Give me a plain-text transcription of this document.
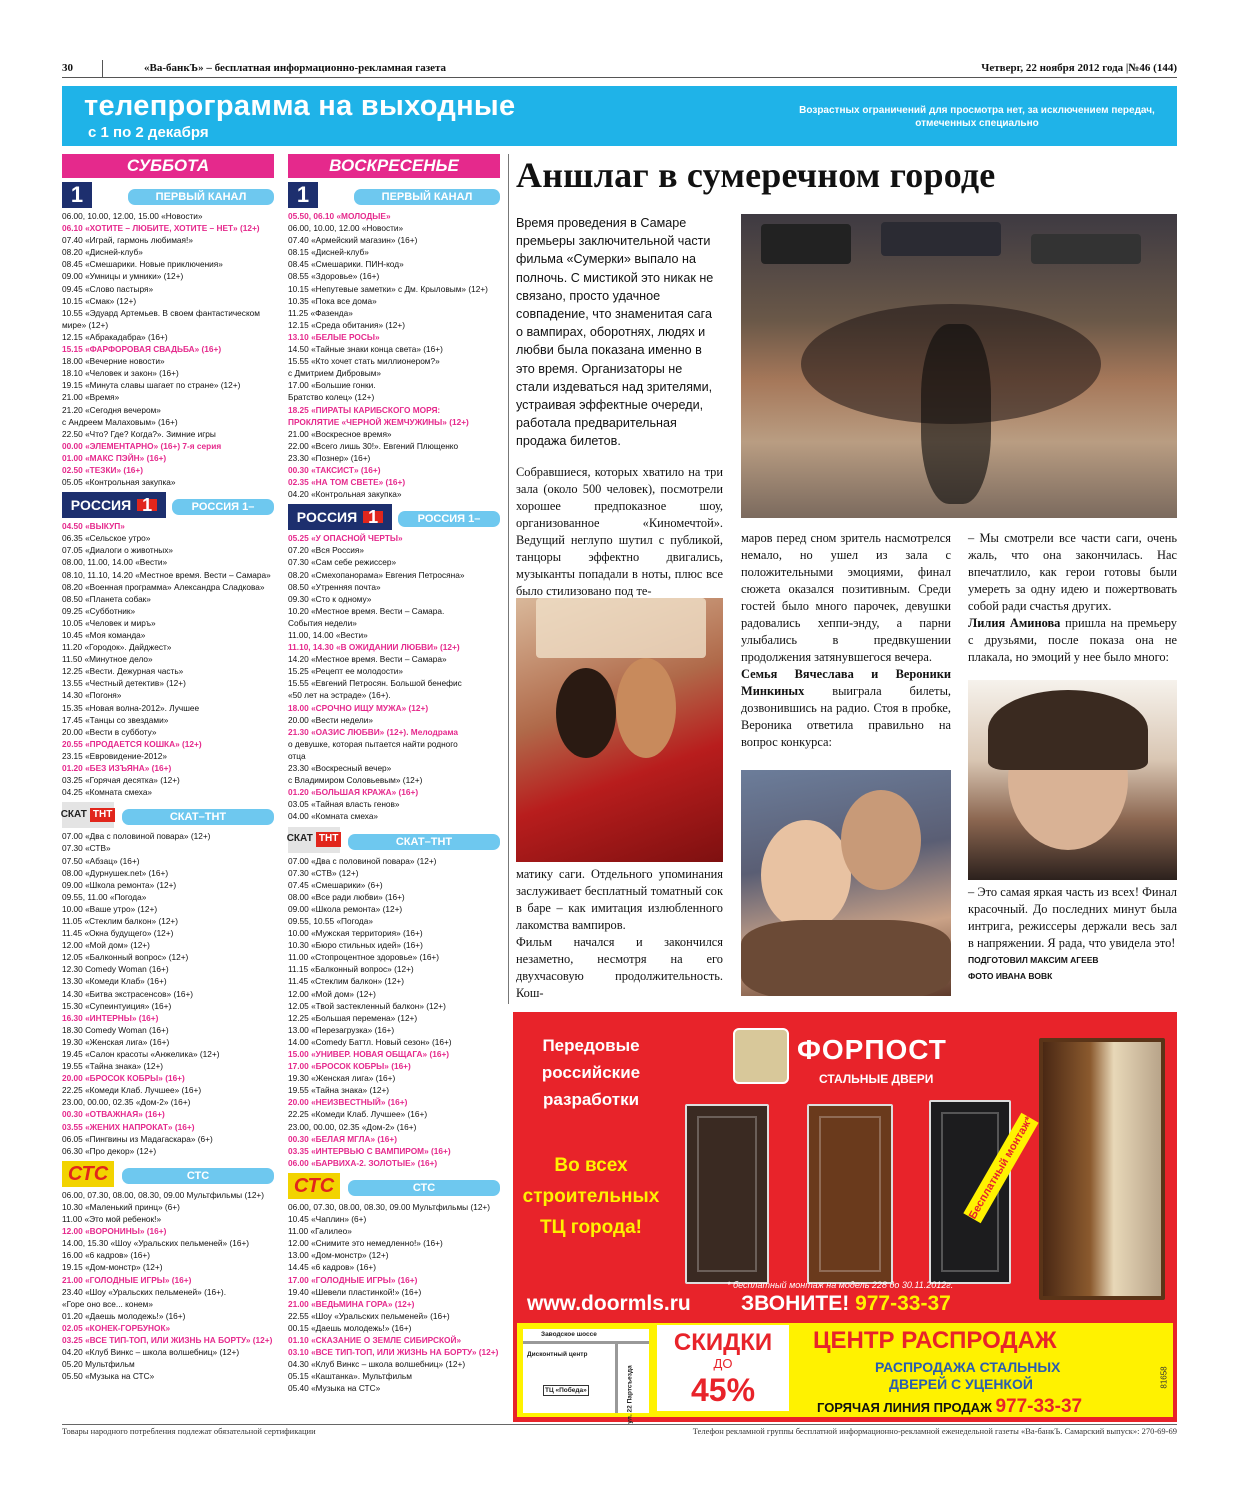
30	«Ва-банкЪ» – бесплатная информационно-рекламная газета	Четверг, 22 ноября 2012 года |№46 (144)
телепрограмма на выходные
с 1 по 2 декабря
Возрастных ограничений для просмотра нет, за исключением передач, отмеченных специально
СУББОТА
1	ПЕРВЫЙ КАНАЛ
06.00, 10.00, 12.00, 15.00 «Новости»
06.10 «ХОТИТЕ – ЛЮБИТЕ, ХОТИТЕ – НЕТ» (12+)
07.40 «Играй, гармонь любимая!»
08.20 «Дисней-клуб»
08.45 «Смешарики. Новые приключения»
09.00 «Умницы и умники» (12+)
09.45 «Слово пастыря»
10.15 «Смак» (12+)
10.55 «Эдуард Артемьев. В своем фантастическом
мире» (12+)
12.15 «Абракадабра» (16+)
15.15 «ФАРФОРОВАЯ СВАДЬБА» (16+)
18.00 «Вечерние новости»
18.10 «Человек и закон» (16+)
19.15 «Минута славы шагает по стране» (12+)
21.00 «Время»
21.20 «Сегодня вечером»
с Андреем Малаховым» (16+)
22.50 «Что? Где? Когда?». Зимние игры
00.00 «ЭЛЕМЕНТАРНО» (16+) 7-я серия
01.00 «МАКС ПЭЙН» (16+)
02.50 «ТЕЗКИ» (16+)
05.05 «Контрольная закупка»
РОССИЯ 1	РОССИЯ 1–САМАРА
04.50 «ВЫКУП»
06.35 «Сельское утро»
07.05 «Диалоги о животных»
08.00, 11.00, 14.00 «Вести»
08.10, 11.10, 14.20 «Местное время. Вести – Самара»
08.20 «Военная программа» Александра Сладкова»
08.50 «Планета собак»
09.25 «Субботник»
10.05 «Человек и миръ»
10.45 «Моя команда»
11.20 «Городок». Дайджест»
11.50 «Минутное дело»
12.25 «Вести. Дежурная часть»
13.55 «Честный детектив» (12+)
14.30 «Погоня»
15.35 «Новая волна-2012». Лучшее
17.45 «Танцы со звездами»
20.00 «Вести в субботу»
20.55 «ПРОДАЕТСЯ КОШКА» (12+)
23.15 «Евровидение-2012»
01.20 «БЕЗ ИЗЪЯНА» (16+)
03.25 «Горячая десятка» (12+)
04.25 «Комната смеха»
СКАТ ТНТ	СКАТ–ТНТ
07.00 «Два с половиной повара» (12+)
07.30 «СТВ»
07.50 «Абзац» (16+)
08.00 «Дурнушек.net» (16+)
09.00 «Школа ремонта» (12+)
09.55, 11.00 «Погода»
10.00 «Ваше утро» (12+)
11.05 «Стеклим балкон» (12+)
11.45 «Окна будущего» (12+)
12.00 «Мой дом» (12+)
12.05 «Балконный вопрос» (12+)
12.30 Comedy Woman (16+)
13.30 «Комеди Клаб» (16+)
14.30 «Битва экстрасенсов» (16+)
15.30 «Супеинтуиция» (16+)
16.30 «ИНТЕРНЫ» (16+)
18.30 Comedy Woman (16+)
19.30 «Женская лига» (16+)
19.45 «Салон красоты «Анжелика» (12+)
19.55 «Тайна знака» (12+)
20.00 «БРОСОК КОБРЫ» (16+)
22.25 «Комеди Клаб. Лучшее» (16+)
23.00, 00.00, 02.35 «Дом-2» (16+)
00.30 «ОТВАЖНАЯ» (16+)
03.55 «ЖЕНИХ НАПРОКАТ» (16+)
06.05 «Пингвины из Мадагаскара» (6+)
06.30 «Про декор» (12+)
СТС	СТС
06.00, 07.30, 08.00, 08.30, 09.00 Мультфильмы (12+)
10.30 «Маленький принц» (6+)
11.00 «Это мой ребенок!»
12.00 «ВОРОНИНЫ» (16+)
14.00, 15.30 «Шоу «Уральских пельменей» (16+)
16.00 «6 кадров» (16+)
19.15 «Дом-монстр» (12+)
21.00 «ГОЛОДНЫЕ ИГРЫ» (16+)
23.40 «Шоу «Уральских пельменей» (16+).
«Горе оно все... конем»
01.20 «Даешь молодежь!» (16+)
02.05 «КОНЕК-ГОРБУНОК»
03.25 «ВСЕ ТИП-ТОП, ИЛИ ЖИЗНЬ НА БОРТУ» (12+)
04.20 «Клуб Винкс – школа волшебниц» (12+)
05.20 Мультфильм
05.50 «Музыка на СТС»
ВОСКРЕСЕНЬЕ
1	ПЕРВЫЙ КАНАЛ
05.50, 06.10 «МОЛОДЫЕ»
06.00, 10.00, 12.00 «Новости»
07.40 «Армейский магазин» (16+)
08.15 «Дисней-клуб»
08.45 «Смешарики. ПИН-код»
08.55 «Здоровье» (16+)
10.15 «Непутевые заметки» с Дм. Крыловым» (12+)
10.35 «Пока все дома»
11.25 «Фазенда»
12.15 «Среда обитания» (12+)
13.10 «БЕЛЫЕ РОСЫ»
14.50 «Тайные знаки конца света» (16+)
15.55 «Кто хочет стать миллионером?»
с Дмитрием Дибровым»
17.00 «Большие гонки.
Братство колец» (12+)
18.25 «ПИРАТЫ КАРИБСКОГО МОРЯ:
ПРОКЛЯТИЕ «ЧЕРНОЙ ЖЕМЧУЖИНЫ» (12+)
21.00 «Воскресное время»
22.00 «Всего лишь 30!». Евгений Плющенко
23.30 «Познер» (16+)
00.30 «ТАКСИСТ» (16+)
02.35 «НА ТОМ СВЕТЕ» (16+)
04.20 «Контрольная закупка»
РОССИЯ 1	РОССИЯ 1–САМАРА
05.25 «У ОПАСНОЙ ЧЕРТЫ»
07.20 «Вся Россия»
07.30 «Сам себе режиссер»
08.20 «Смехопанорама» Евгения Петросяна»
08.50 «Утренняя почта»
09.30 «Сто к одному»
10.20 «Местное время. Вести – Самара.
События недели»
11.00, 14.00 «Вести»
11.10, 14.30 «В ОЖИДАНИИ ЛЮБВИ» (12+)
14.20 «Местное время. Вести – Самара»
15.25 «Рецепт ее молодости»
15.55 «Евгений Петросян. Большой бенефис
«50 лет на эстраде» (16+).
18.00 «СРОЧНО ИЩУ МУЖА» (12+)
20.00 «Вести недели»
21.30 «ОАЗИС ЛЮБВИ» (12+). Мелодрама
о девушке, которая пытается найти родного
отца
23.30 «Воскресный вечер»
с Владимиром Соловьевым» (12+)
01.20 «БОЛЬШАЯ КРАЖА» (16+)
03.05 «Тайная власть генов»
04.00 «Комната смеха»
СКАТ ТНТ	СКАТ–ТНТ
07.00 «Два с половиной повара» (12+)
07.30 «СТВ» (12+)
07.45 «Смешарики» (6+)
08.00 «Все ради любви» (16+)
09.00 «Школа ремонта» (12+)
09.55, 10.55 «Погода»
10.00 «Мужская территория» (16+)
10.30 «Бюро стильных идей» (16+)
11.00 «Стопроцентное здоровье» (16+)
11.15 «Балконный вопрос» (12+)
11.45 «Стеклим балкон» (12+)
12.00 «Мой дом» (12+)
12.05 «Твой застекленный балкон» (12+)
12.25 «Большая перемена» (12+)
13.00 «Перезагрузка» (16+)
14.00 «Comedy Баттл. Новый сезон» (16+)
15.00 «УНИВЕР. НОВАЯ ОБЩАГА» (16+)
17.00 «БРОСОК КОБРЫ» (16+)
19.30 «Женская лига» (16+)
19.55 «Тайна знака» (12+)
20.00 «НЕИЗВЕСТНЫЙ» (16+)
22.25 «Комеди Клаб. Лучшее» (16+)
23.00, 00.00, 02.35 «Дом-2» (16+)
00.30 «БЕЛАЯ МГЛА» (16+)
03.35 «ИНТЕРВЬЮ С ВАМПИРОМ» (16+)
06.00 «БАРВИХА-2. ЗОЛОТЫЕ» (16+)
СТС	СТС
06.00, 07.30, 08.00, 08.30, 09.00 Мультфильмы (12+)
10.45 «Чаплин» (6+)
11.00 «Галилео»
12.00 «Снимите это немедленно!» (16+)
13.00 «Дом-монстр» (12+)
14.45 «6 кадров» (16+)
17.00 «ГОЛОДНЫЕ ИГРЫ» (16+)
19.40 «Шевели пластинкой!» (16+)
21.00 «ВЕДЬМИНА ГОРА» (12+)
22.55 «Шоу «Уральских пельменей» (16+)
00.15 «Даешь молодежь!» (16+)
01.10 «СКАЗАНИЕ О ЗЕМЛЕ СИБИРСКОЙ»
03.10 «ВСЕ ТИП-ТОП, ИЛИ ЖИЗНЬ НА БОРТУ» (12+)
04.30 «Клуб Винкс – школа волшебниц» (12+)
05.15 «Каштанка». Мультфильм
05.40 «Музыка на СТС»
Аншлаг в сумеречном городе
Время проведения в Самаре премьеры заключительной части фильма «Сумерки» выпало на полночь. С мистикой это никак не связано, просто удачное совпадение, что знаменитая сага о вампирах, оборотнях, людях и любви была показана именно в это время. Организаторы не стали издеваться над зрителями, устраивая эффектные очереди, работала предварительная продажа билетов.
Собравшиеся, которых хватило на три зала (около 500 человек), посмотрели хорошее предпоказное шоу, организованное «Киномечтой». Ведущий неглупо шутил с публикой, танцоры эффектно двигались, музыканты попадали в ноты, плюс все было стилизовано под те-
матику саги. Отдельного упоминания заслуживает бесплатный томатный сок в баре – как имитация излюбленного лакомства вампиров.
Фильм начался и закончился незаметно, несмотря на его двухчасовую продолжительность. Кош-
маров перед сном зритель насмотрелся немало, но ушел из зала с положительными эмоциями, финал сюжета оказался позитивным. Среди гостей было много парочек, девушки радовались хеппи-энду, а парни улыбались в предвкушении продолжения затянувшегося вечера.
Семья Вячеслава и Вероники Минкиных выиграла билеты, дозвонившись на радио. Стоя в пробке, Вероника ответила правильно на вопрос конкурса:
– Мы смотрели все части саги, очень жаль, что она закончилась. Нас впечатлило, как герои готовы были умереть за одну идею и пожертвовать собой ради счастья других.
Лилия Аминова пришла на премьеру с друзьями, после показа она не плакала, но эмоций у нее было много:
– Это самая яркая часть из всех! Финал красочный. До последних минут была интрига, режиссеры держали весь зал в напряжении. Я рада, что увидела это!
ПОДГОТОВИЛ МАКСИМ АГЕЕВ
ФОТО ИВАНА ВОВК
Передовые российские разработки
Во всех строительных ТЦ города!
ФОРПОСТ
СТАЛЬНЫЕ ДВЕРИ
Бесплатный монтаж*
* бесплатный монтаж на модель 228 до 30.11.2012г.
www.doormls.ru ЗВОНИТЕ! 977-33-37
Заводское шоссе
Дисконтный центр
ТЦ «Победа»	ул. 22 Партсъезда
СКИДКИ
ДО
45%
ЦЕНТР РАСПРОДАЖ
РАСПРОДАЖА СТАЛЬНЫХ
ДВЕРЕЙ С УЦЕНКОЙ
ГОРЯЧАЯ ЛИНИЯ ПРОДАЖ 977-33-37
81658
Товары народного потребления подлежат обязательной сертификации	Телефон рекламной группы бесплатной информационно-рекламной еженедельной газеты «Ва-банкЪ. Самарский выпуск»: 270-69-69
